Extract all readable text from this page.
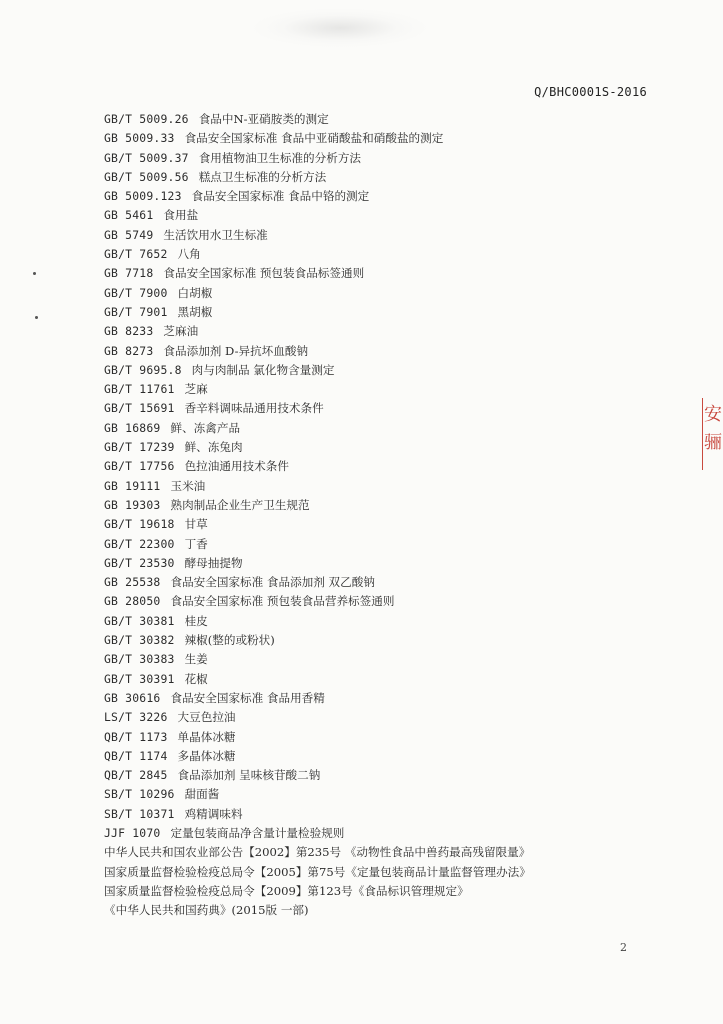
Q/BHC0001S-2016
GB/T 5009.26 食品中N-亚硝胺类的测定
GB 5009.33 食品安全国家标准 食品中亚硝酸盐和硝酸盐的测定
GB/T 5009.37 食用植物油卫生标准的分析方法
GB/T 5009.56 糕点卫生标准的分析方法
GB 5009.123 食品安全国家标准 食品中铬的测定
GB 5461 食用盐
GB 5749 生活饮用水卫生标准
GB/T 7652 八角
GB 7718 食品安全国家标准 预包装食品标签通则
GB/T 7900 白胡椒
GB/T 7901 黑胡椒
GB 8233 芝麻油
GB 8273 食品添加剂 D-异抗坏血酸钠
GB/T 9695.8 肉与肉制品 氯化物含量测定
GB/T 11761 芝麻
GB/T 15691 香辛料调味品通用技术条件
GB 16869 鲜、冻禽产品
GB/T 17239 鲜、冻兔肉
GB/T 17756 色拉油通用技术条件
GB 19111 玉米油
GB 19303 熟肉制品企业生产卫生规范
GB/T 19618 甘草
GB/T 22300 丁香
GB/T 23530 酵母抽提物
GB 25538 食品安全国家标准 食品添加剂 双乙酸钠
GB 28050 食品安全国家标准 预包装食品营养标签通则
GB/T 30381 桂皮
GB/T 30382 辣椒(整的或粉状)
GB/T 30383 生姜
GB/T 30391 花椒
GB 30616 食品安全国家标准 食品用香精
LS/T 3226 大豆色拉油
QB/T 1173 单晶体冰糖
QB/T 1174 多晶体冰糖
QB/T 2845 食品添加剂 呈味核苷酸二钠
SB/T 10296 甜面酱
SB/T 10371 鸡精调味料
JJF 1070 定量包装商品净含量计量检验规则
中华人民共和国农业部公告【2002】第235号 《动物性食品中兽药最高残留限量》
国家质量监督检验检疫总局令【2005】第75号《定量包装商品计量监督管理办法》
国家质量监督检验检疫总局令【2009】第123号《食品标识管理规定》
《中华人民共和国药典》(2015版 一部)
2
安
骊
